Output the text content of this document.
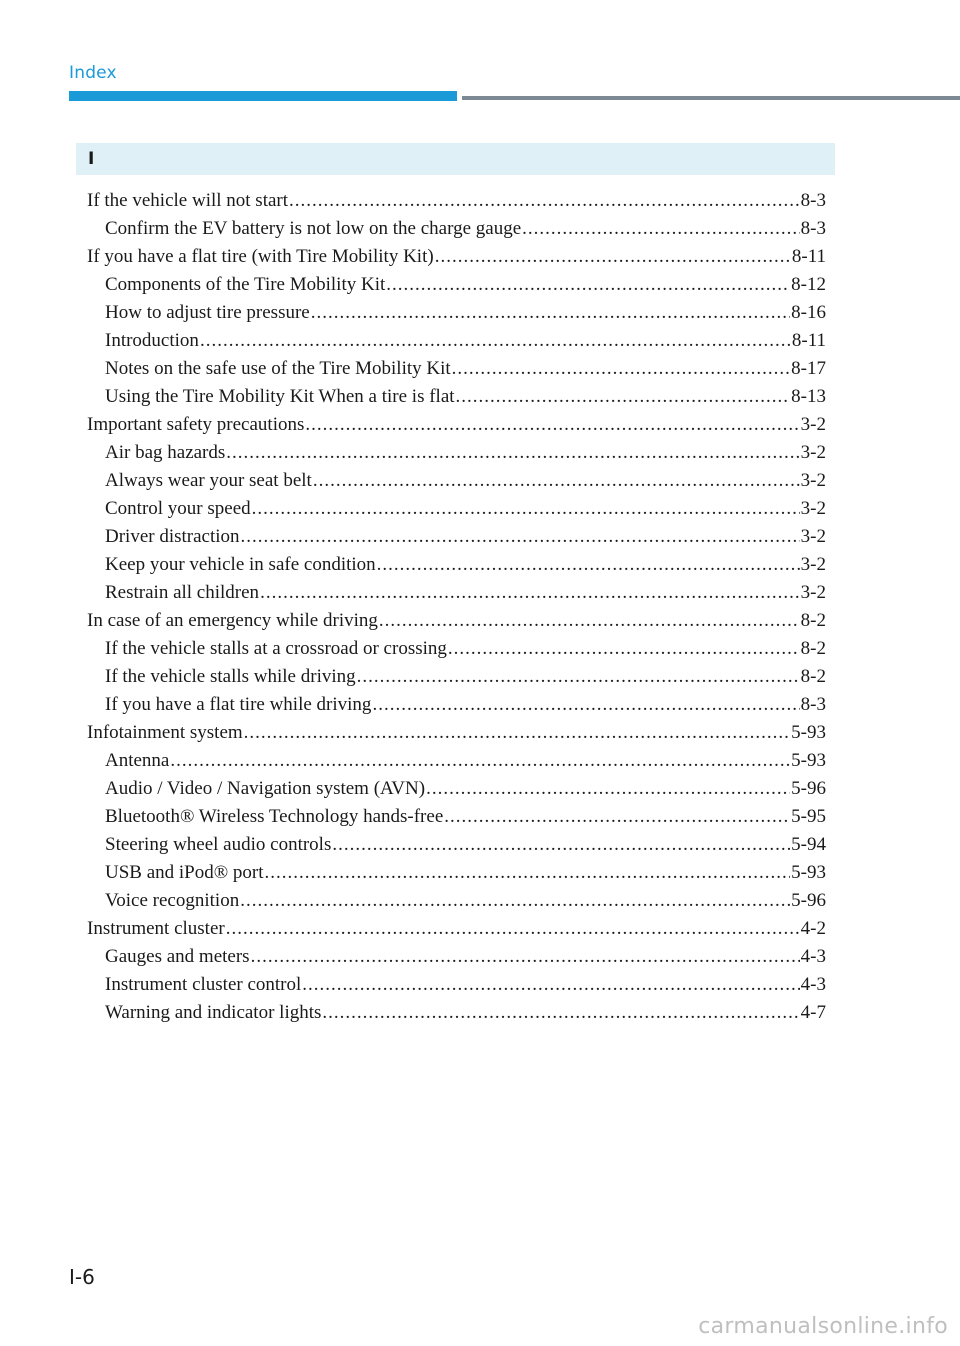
Index
I
If the vehicle will not start .....	8-3
Confirm the EV battery is not low on the charge gauge .....	8-3
If you have a flat tire (with Tire Mobility Kit) .....	8-11
Components of the Tire Mobility Kit .....	8-12
How to adjust tire pressure .....	8-16
Introduction .....	8-11
Notes on the safe use of the Tire Mobility Kit .....	8-17
Using the Tire Mobility Kit When a tire is flat .....	8-13
Important safety precautions .....	3-2
Air bag hazards .....	3-2
Always wear your seat belt .....	3-2
Control your speed .....	3-2
Driver distraction .....	3-2
Keep your vehicle in safe condition .....	3-2
Restrain all children .....	3-2
In case of an emergency while driving .....	8-2
If the vehicle stalls at a crossroad or crossing .....	8-2
If the vehicle stalls while driving .....	8-2
If you have a flat tire while driving .....	8-3
Infotainment system .....	5-93
Antenna .....	5-93
Audio / Video / Navigation system (AVN) .....	5-96
Bluetooth® Wireless Technology hands-free .....	5-95
Steering wheel audio controls .....	5-94
USB and iPod® port .....	5-93
Voice recognition .....	5-96
Instrument cluster .....	4-2
Gauges and meters .....	4-3
Instrument cluster control .....	4-3
Warning and indicator lights .....	4-7
I-6
carmanualsonline.info
